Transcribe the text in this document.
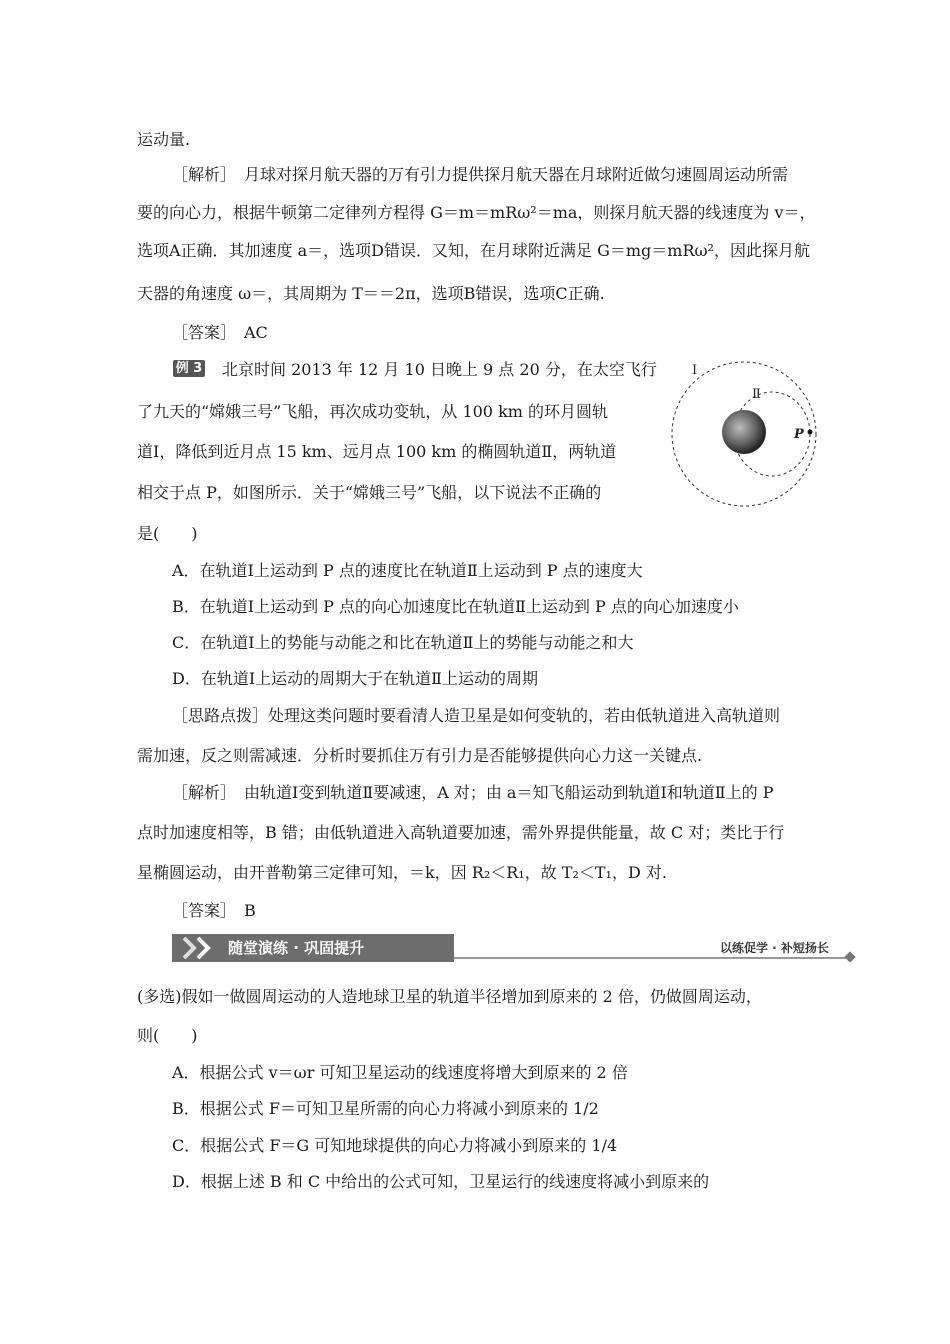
运动量.
［解析］　月球对探月航天器的万有引力提供探月航天器在月球附近做匀速圆周运动所需
要的向心力，根据牛顿第二定律列方程得 G＝m＝mRω²＝ma，则探月航天器的线速度为 v＝，
选项A正确．其加速度 a＝，选项D错误．又知，在月球附近满足 G＝mg＝mRω²，因此探月航
天器的角速度 ω＝，其周期为 T＝＝2π，选项B错误，选项C正确.
［答案］　AC
例 3 北京时间 2013 年 12 月 10 日晚上 9 点 20 分，在太空飞行
了九天的“嫦娥三号”飞船，再次成功变轨，从 100 km 的环月圆轨
道Ⅰ，降低到近月点 15 km、远月点 100 km 的椭圆轨道Ⅱ，两轨道
相交于点 P，如图所示．关于“嫦娥三号”飞船，以下说法不正确的
是(　　)
Ⅰ
Ⅱ
P
A．在轨道Ⅰ上运动到 P 点的速度比在轨道Ⅱ上运动到 P 点的速度大
B．在轨道Ⅰ上运动到 P 点的向心加速度比在轨道Ⅱ上运动到 P 点的向心加速度小
C．在轨道Ⅰ上的势能与动能之和比在轨道Ⅱ上的势能与动能之和大
D．在轨道Ⅰ上运动的周期大于在轨道Ⅱ上运动的周期
［思路点拨］处理这类问题时要看清人造卫星是如何变轨的，若由低轨道进入高轨道则
需加速，反之则需减速．分析时要抓住万有引力是否能够提供向心力这一关键点.
［解析］　由轨道Ⅰ变到轨道Ⅱ要减速，A 对；由 a＝知飞船运动到轨道Ⅰ和轨道Ⅱ上的 P
点时加速度相等，B 错；由低轨道进入高轨道要加速，需外界提供能量，故 C 对；类比于行
星椭圆运动，由开普勒第三定律可知，＝k，因 R₂＜R₁，故 T₂＜T₁，D 对.
［答案］　B
随堂演练 · 巩固提升	以练促学 · 补短扬长
(多选)假如一做圆周运动的人造地球卫星的轨道半径增加到原来的 2 倍，仍做圆周运动，
则(　　)
A．根据公式 v＝ωr 可知卫星运动的线速度将增大到原来的 2 倍
B．根据公式 F＝可知卫星所需的向心力将减小到原来的 1/2
C．根据公式 F＝G 可知地球提供的向心力将减小到原来的 1/4
D．根据上述 B 和 C 中给出的公式可知，卫星运行的线速度将减小到原来的
